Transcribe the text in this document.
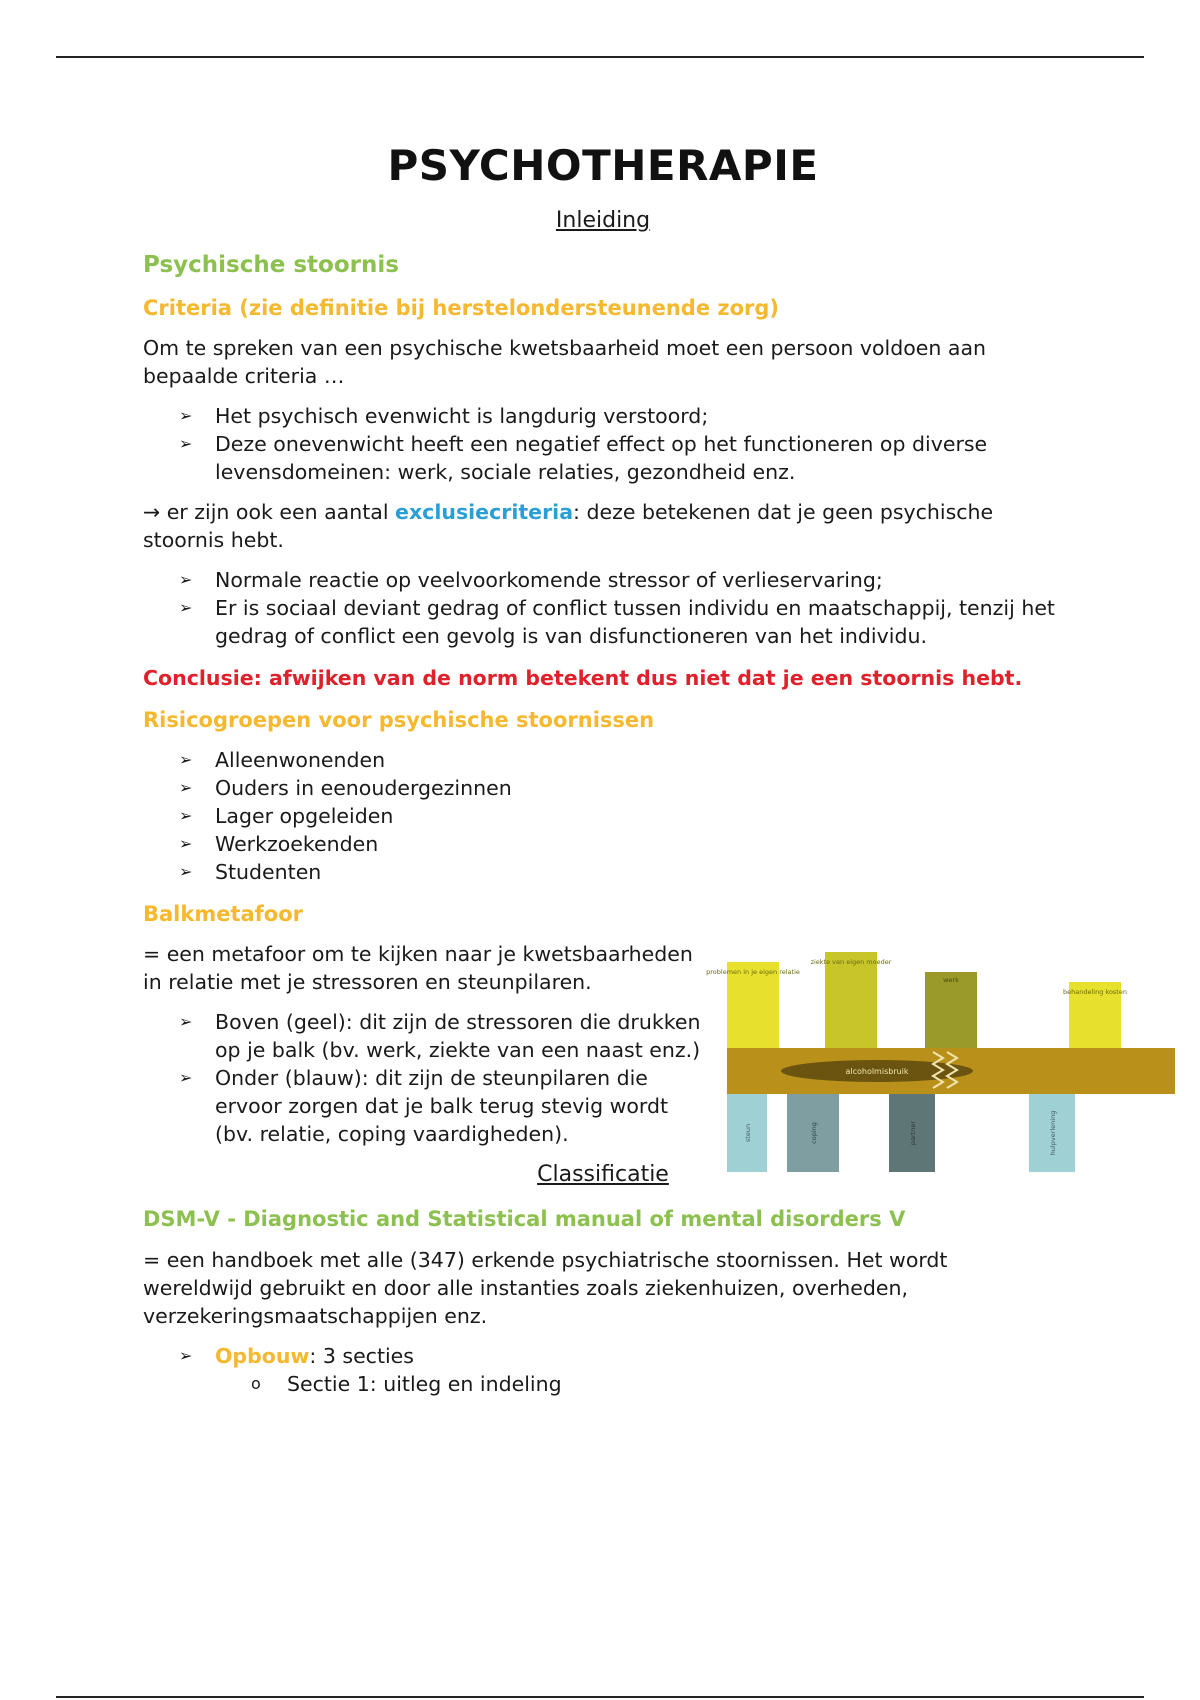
PSYCHOTHERAPIE
Inleiding
Psychische stoornis
Criteria (zie definitie bij herstelondersteunende zorg)

Om te spreken van een psychische kwetsbaarheid moet een persoon voldoen aan bepaalde criteria …

➢ Het psychisch evenwicht is langdurig verstoord;
➢ Deze onevenwicht heeft een negatief effect op het functioneren op diverse levensdomeinen: werk, sociale relaties, gezondheid enz.

→ er zijn ook een aantal exclusiecriteria: deze betekenen dat je geen psychische stoornis hebt.

➢ Normale reactie op veelvoorkomende stressor of verlieservaring;
➢ Er is sociaal deviant gedrag of conflict tussen individu en maatschappij, tenzij het gedrag of conflict een gevolg is van disfunctioneren van het individu.

Conclusie: afwijken van de norm betekent dus niet dat je een stoornis hebt.

Risicogroepen voor psychische stoornissen
➢ Alleenwonenden
➢ Ouders in eenoudergezinnen
➢ Lager opgeleiden
➢ Werkzoekenden
➢ Studenten
Balkmetafoor

= een metafoor om te kijken naar je kwetsbaarheden in relatie met je stressoren en steunpilaren.

➢ Boven (geel): dit zijn de stressoren die drukken op je balk (bv. werk, ziekte van een naast enz.)
➢ Onder (blauw): dit zijn de steunpilaren die ervoor zorgen dat je balk terug stevig wordt (bv. relatie, coping vaardigheden).
problemen in je eigen relatie
ziekte van eigen moeder
werk
behandeling kosten
alcoholmisbruik
steun	coping	partner	hulpverlening
Classificatie
DSM-V - Diagnostic and Statistical manual of mental disorders V

= een handboek met alle (347) erkende psychiatrische stoornissen. Het wordt wereldwijd gebruikt en door alle instanties zoals ziekenhuizen, overheden, verzekeringsmaatschappijen enz.

➢ Opbouw: 3 secties
o Sectie 1: uitleg en indeling
